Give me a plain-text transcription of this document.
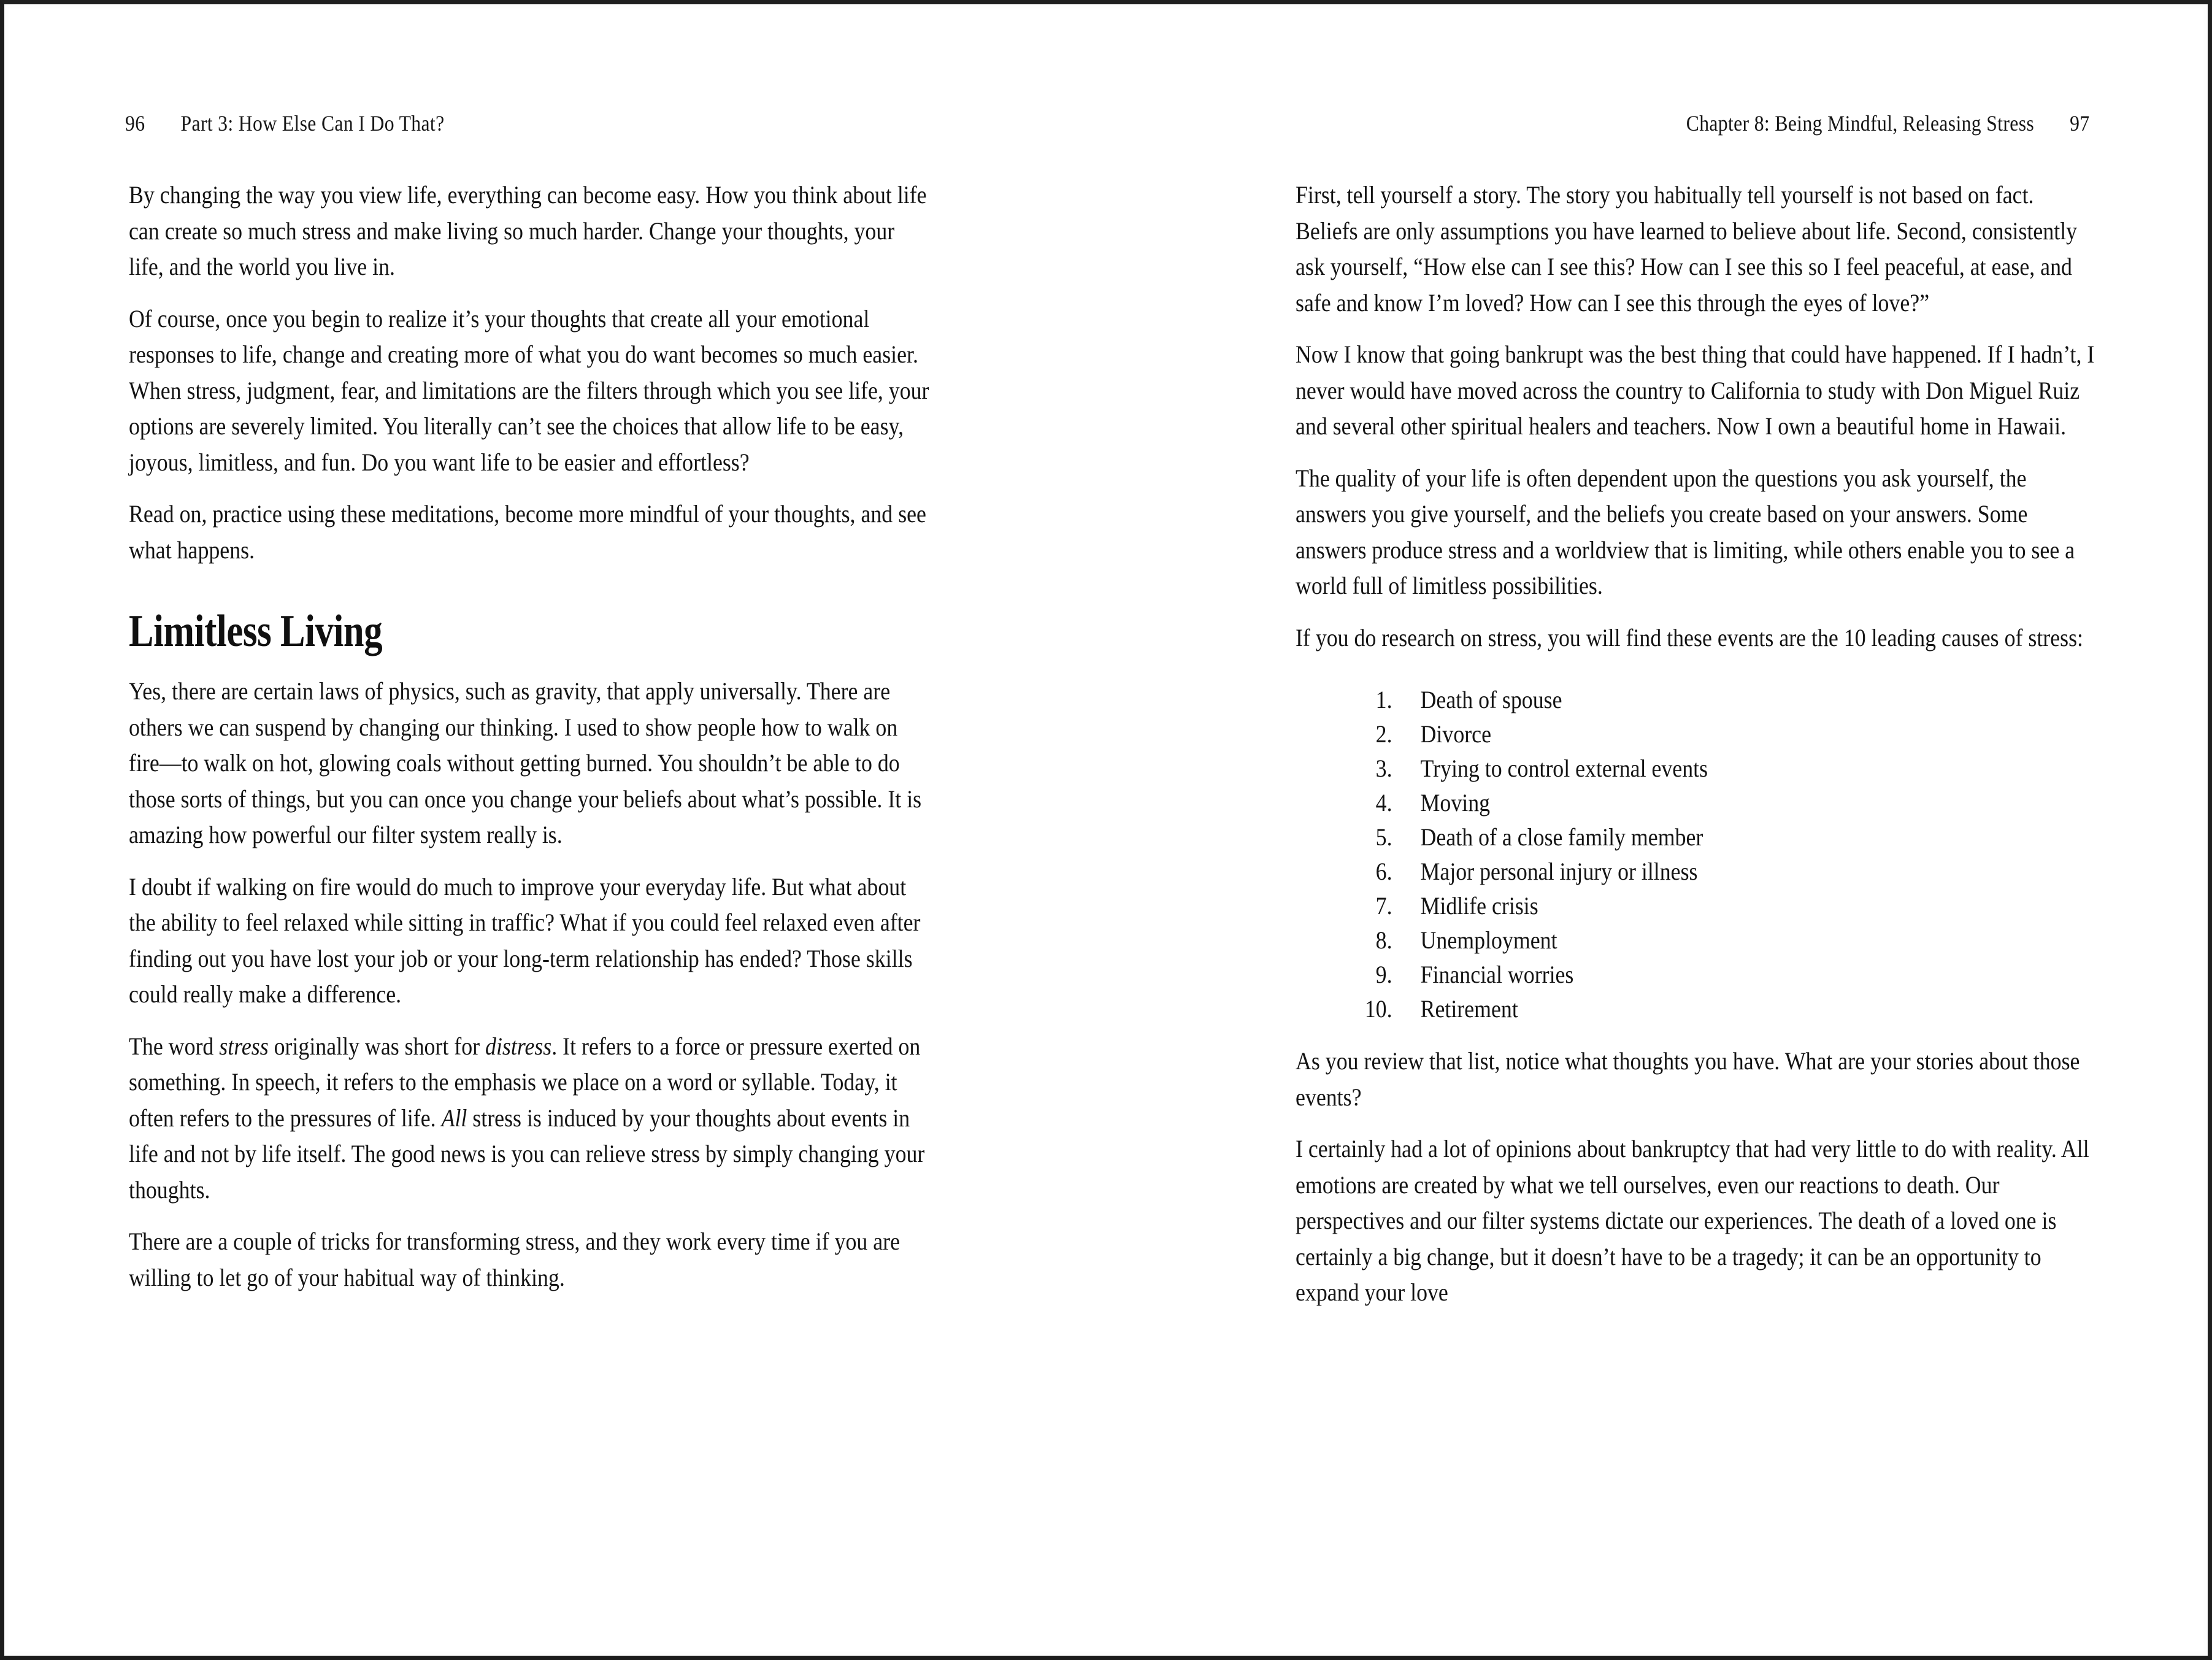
96 Part 3: How Else Can I Do That?	Chapter 8: Being Mindful, Releasing Stress 97

By changing the way you view life, everything can become easy. How you think about life can create so much stress and make living so much harder. Change your thoughts, your life, and the world you live in.

Of course, once you begin to realize it’s your thoughts that create all your emotional responses to life, change and creating more of what you do want becomes so much easier. When stress, judgment, fear, and limitations are the filters through which you see life, your options are severely limited. You literally can’t see the choices that allow life to be easy, joyous, limitless, and fun. Do you want life to be easier and effortless?

Read on, practice using these meditations, become more mindful of your thoughts, and see what happens.

Limitless Living

Yes, there are certain laws of physics, such as gravity, that apply universally. There are others we can suspend by changing our thinking. I used to show people how to walk on fire—to walk on hot, glowing coals without getting burned. You shouldn’t be able to do those sorts of things, but you can once you change your beliefs about what’s possible. It is amazing how powerful our filter system really is.

I doubt if walking on fire would do much to improve your everyday life. But what about the ability to feel relaxed while sitting in traffic? What if you could feel relaxed even after finding out you have lost your job or your long-term relationship has ended? Those skills could really make a difference.

The word stress originally was short for distress. It refers to a force or pressure exerted on something. In speech, it refers to the emphasis we place on a word or syllable. Today, it often refers to the pressures of life. All stress is induced by your thoughts about events in life and not by life itself. The good news is you can relieve stress by simply changing your thoughts.

There are a couple of tricks for transforming stress, and they work every time if you are willing to let go of your habitual way of thinking.

First, tell yourself a story. The story you habitually tell yourself is not based on fact. Beliefs are only assumptions you have learned to believe about life. Second, consistently ask yourself, “How else can I see this? How can I see this so I feel peaceful, at ease, and safe and know I’m loved? How can I see this through the eyes of love?”

Now I know that going bankrupt was the best thing that could have happened. If I hadn’t, I never would have moved across the country to California to study with Don Miguel Ruiz and several other spiritual healers and teachers. Now I own a beautiful home in Hawaii.

The quality of your life is often dependent upon the questions you ask yourself, the answers you give yourself, and the beliefs you create based on your answers. Some answers produce stress and a worldview that is limiting, while others enable you to see a world full of limitless possibilities.

If you do research on stress, you will find these events are the 10 leading causes of stress:

1. Death of spouse
2. Divorce
3. Trying to control external events
4. Moving
5. Death of a close family member
6. Major personal injury or illness
7. Midlife crisis
8. Unemployment
9. Financial worries
10. Retirement

As you review that list, notice what thoughts you have. What are your stories about those events?

I certainly had a lot of opinions about bankruptcy that had very little to do with reality. All emotions are created by what we tell ourselves, even our reactions to death. Our perspectives and our filter systems dictate our experiences. The death of a loved one is certainly a big change, but it doesn’t have to be a tragedy; it can be an opportunity to expand your love
